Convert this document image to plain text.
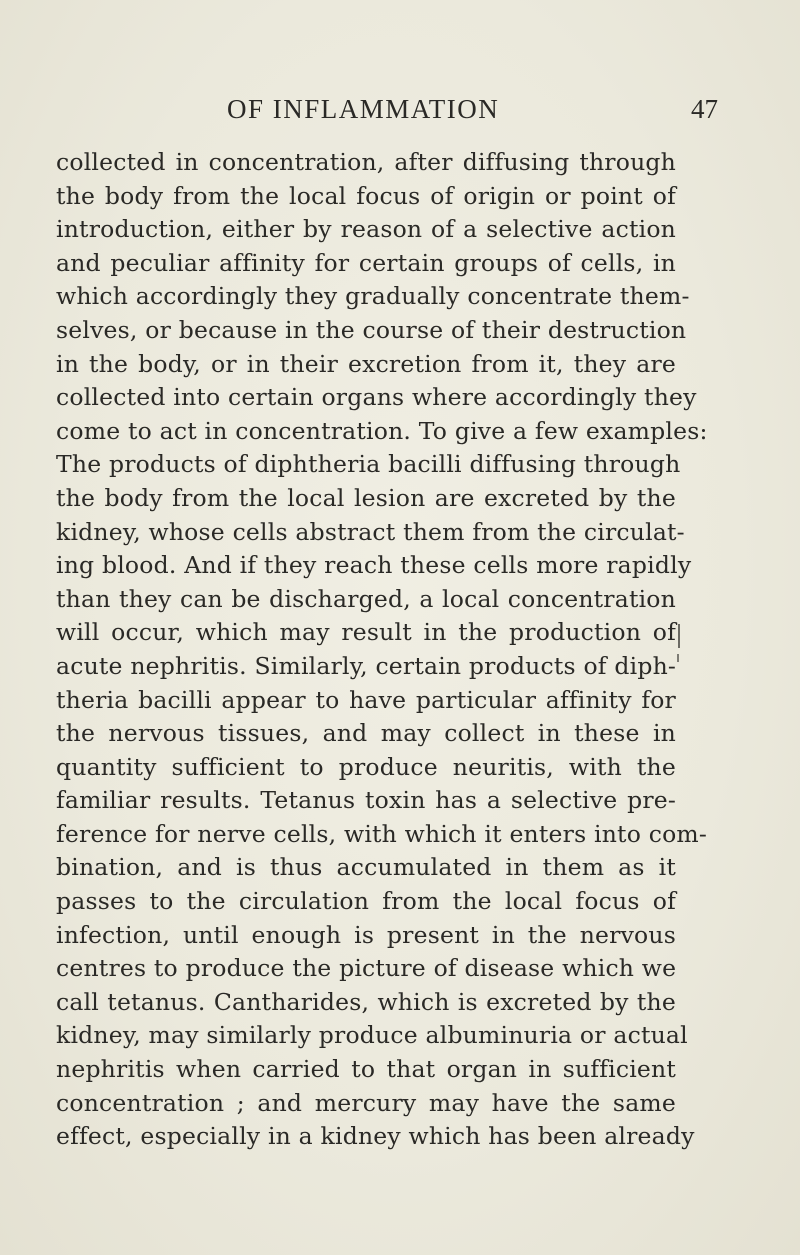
OF INFLAMMATION	47
collected in concentration, after diffusing through
the body from the local focus of origin or point of
introduction, either by reason of a selective action
and peculiar affinity for certain groups of cells, in
which accordingly they gradually concentrate them-
selves, or because in the course of their destruction
in the body, or in their excretion from it, they are
collected into certain organs where accordingly they
come to act in concentration. To give a few examples:
The products of diphtheria bacilli diffusing through
the body from the local lesion are excreted by the
kidney, whose cells abstract them from the circulat-
ing blood. And if they reach these cells more rapidly
than they can be discharged, a local concentration
will occur, which may result in the production of
acute nephritis. Similarly, certain products of diph-
theria bacilli appear to have particular affinity for
the nervous tissues, and may collect in these in
quantity sufficient to produce neuritis, with the
familiar results. Tetanus toxin has a selective pre-
ference for nerve cells, with which it enters into com-
bination, and is thus accumulated in them as it
passes to the circulation from the local focus of
infection, until enough is present in the nervous
centres to produce the picture of disease which we
call tetanus. Cantharides, which is excreted by the
kidney, may similarly produce albuminuria or actual
nephritis when carried to that organ in sufficient
concentration ; and mercury may have the same
effect, especially in a kidney which has been already
